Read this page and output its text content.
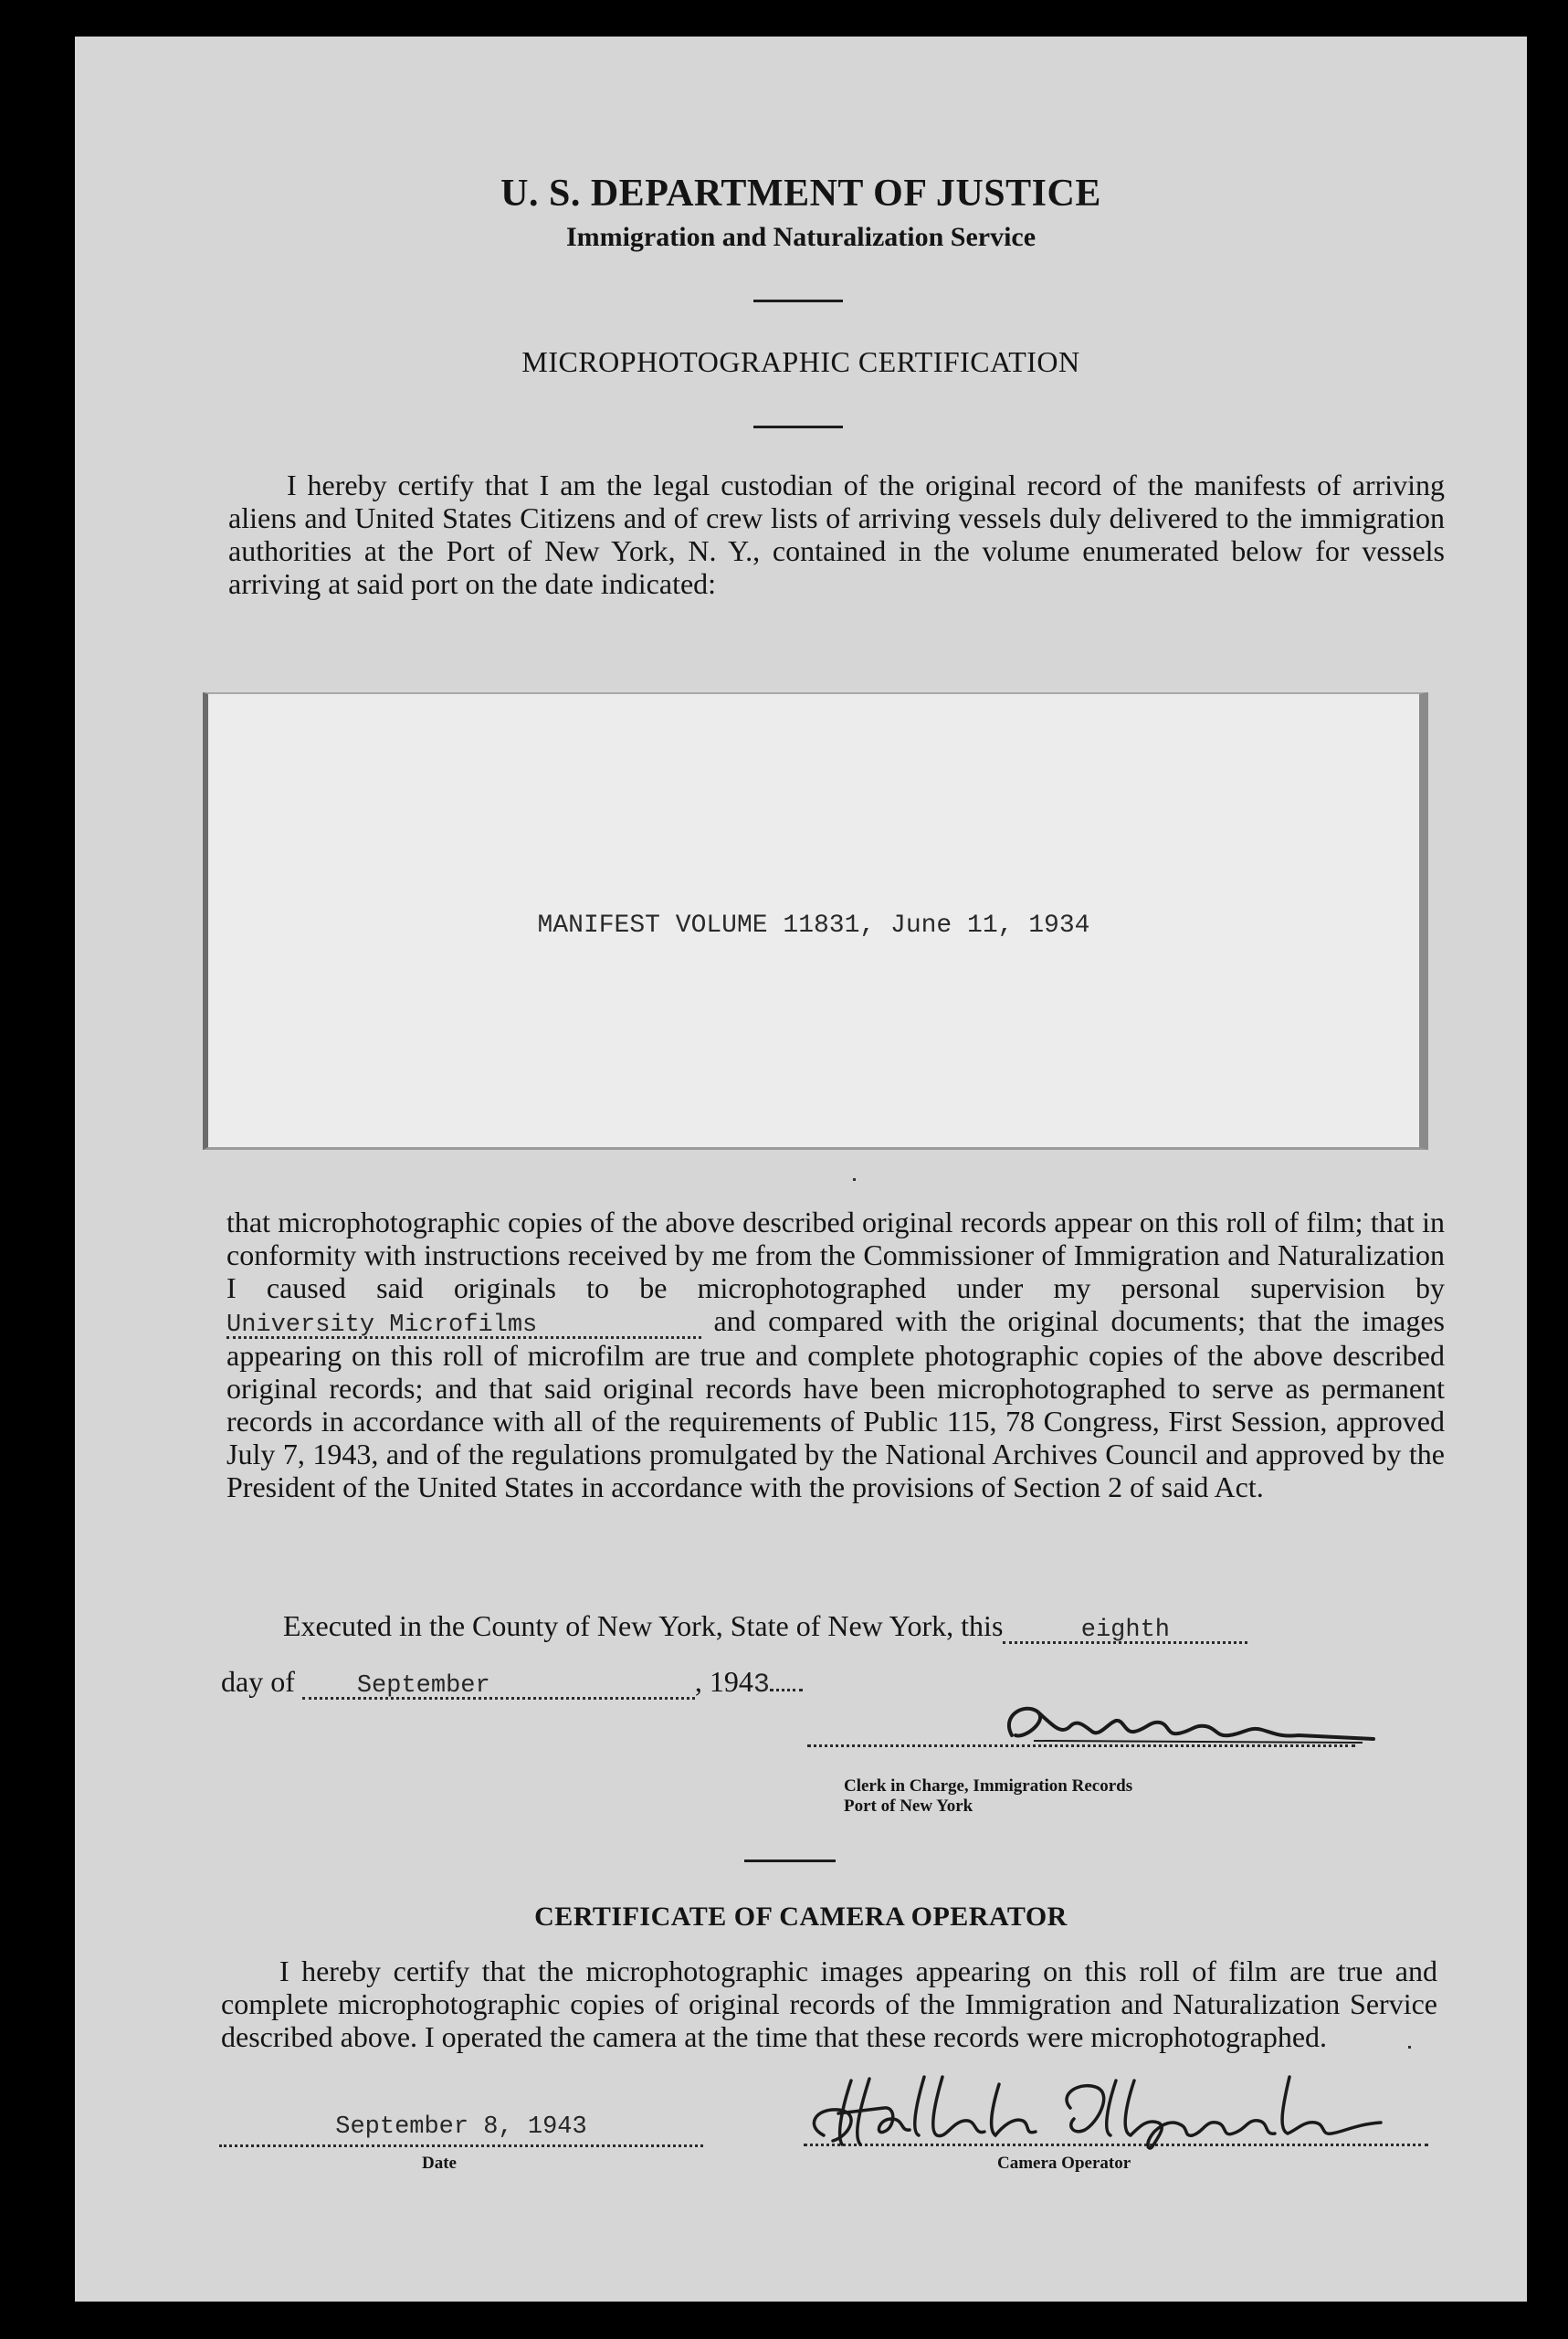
U. S. DEPARTMENT OF JUSTICE
Immigration and Naturalization Service
MICROPHOTOGRAPHIC CERTIFICATION
I hereby certify that I am the legal custodian of the original record of the manifests of arriving aliens and United States Citizens and of crew lists of arriving vessels duly delivered to the immigration authorities at the Port of New York, N. Y., contained in the volume enumerated below for vessels arriving at said port on the date indicated:
MANIFEST VOLUME 11831, June 11, 1934
that microphotographic copies of the above described original records appear on this roll of film; that in conformity with instructions received by me from the Commissioner of Immigration and Naturalization I caused said originals to be microphotographed under my personal supervision byUniversity Microfilms	and compared with the original documents; that the images appearing on this roll of microfilm are true and complete photographic copies of the above described original records; and that said original records have been microphotographed to serve as permanent records in accordance with all of the requirements of Public 115, 78 Congress, First Session, approved July 7, 1943, and of the regulations promulgated by the National Archives Council and approved by the President of the United States in accordance with the provisions of Section 2 of said Act.
Executed in the County of New York, State of New York, this	eighth
day of	September	, 1943
Clerk in Charge, Immigration Records
Port of New York
CERTIFICATE OF CAMERA OPERATOR
I hereby certify that the microphotographic images appearing on this roll of film are true and complete microphotographic copies of original records of the Immigration and Naturalization Service described above. I operated the camera at the time that these records were microphotographed.
September 8, 1943
Date	Camera Operator
